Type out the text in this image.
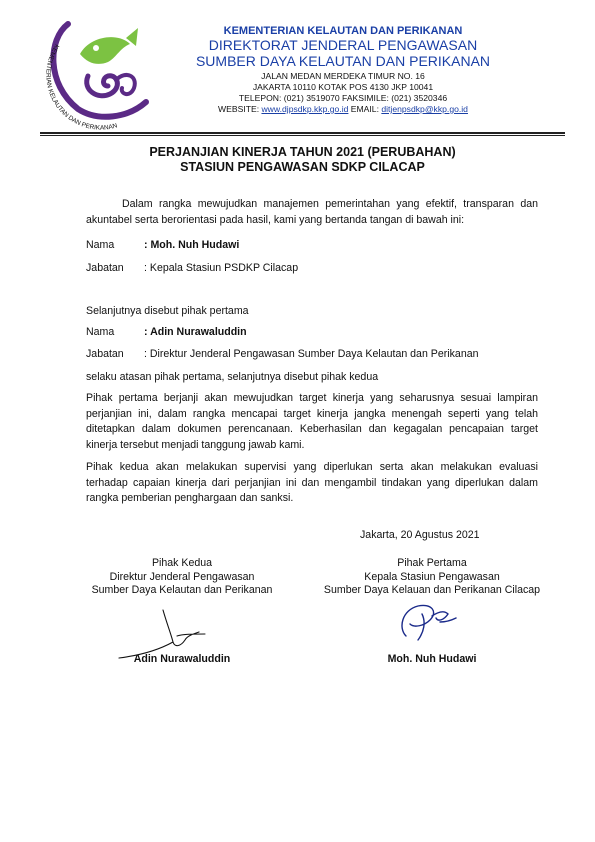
KEMENTERIAN KELAUTAN DAN PERIKANAN
KEMENTERIAN KELAUTAN DAN PERIKANAN
DIREKTORAT JENDERAL PENGAWASAN
SUMBER DAYA KELAUTAN DAN PERIKANAN
JALAN MEDAN MERDEKA TIMUR NO. 16
JAKARTA 10110 KOTAK POS 4130 JKP 10041
TELEPON: (021) 3519070 FAKSIMILE: (021) 3520346
WEBSITE: www.djpsdkp.kkp.go.id EMAIL: ditjenpsdkp@kkp.go.id
PERJANJIAN KINERJA TAHUN 2021 (PERUBAHAN)
STASIUN PENGAWASAN SDKP CILACAP
Dalam rangka mewujudkan manajemen pemerintahan yang efektif, transparan dan akuntabel serta berorientasi pada hasil, kami yang bertanda tangan di bawah ini:
Nama	: Moh. Nuh Hudawi
Jabatan : Kepala Stasiun PSDKP Cilacap
Selanjutnya disebut pihak pertama
Nama	: Adin Nurawaluddin
Jabatan : Direktur Jenderal Pengawasan Sumber Daya Kelautan dan Perikanan
selaku atasan pihak pertama, selanjutnya disebut pihak kedua
Pihak pertama berjanji akan mewujudkan target kinerja yang seharusnya sesuai lampiran perjanjian ini, dalam rangka mencapai target kinerja jangka menengah seperti yang telah ditetapkan dalam dokumen perencanaan. Keberhasilan dan kegagalan pencapaian target kinerja tersebut menjadi tanggung jawab kami.
Pihak kedua akan melakukan supervisi yang diperlukan serta akan melakukan evaluasi terhadap capaian kinerja dari perjanjian ini dan mengambil tindakan yang diperlukan dalam rangka pemberian penghargaan dan sanksi.
Jakarta, 20 Agustus 2021
Pihak Kedua
Direktur Jenderal Pengawasan
Sumber Daya Kelautan dan Perikanan
Adin Nurawaluddin
Pihak Pertama
Kepala Stasiun Pengawasan
Sumber Daya Kelauan dan Perikanan Cilacap
Moh. Nuh Hudawi
